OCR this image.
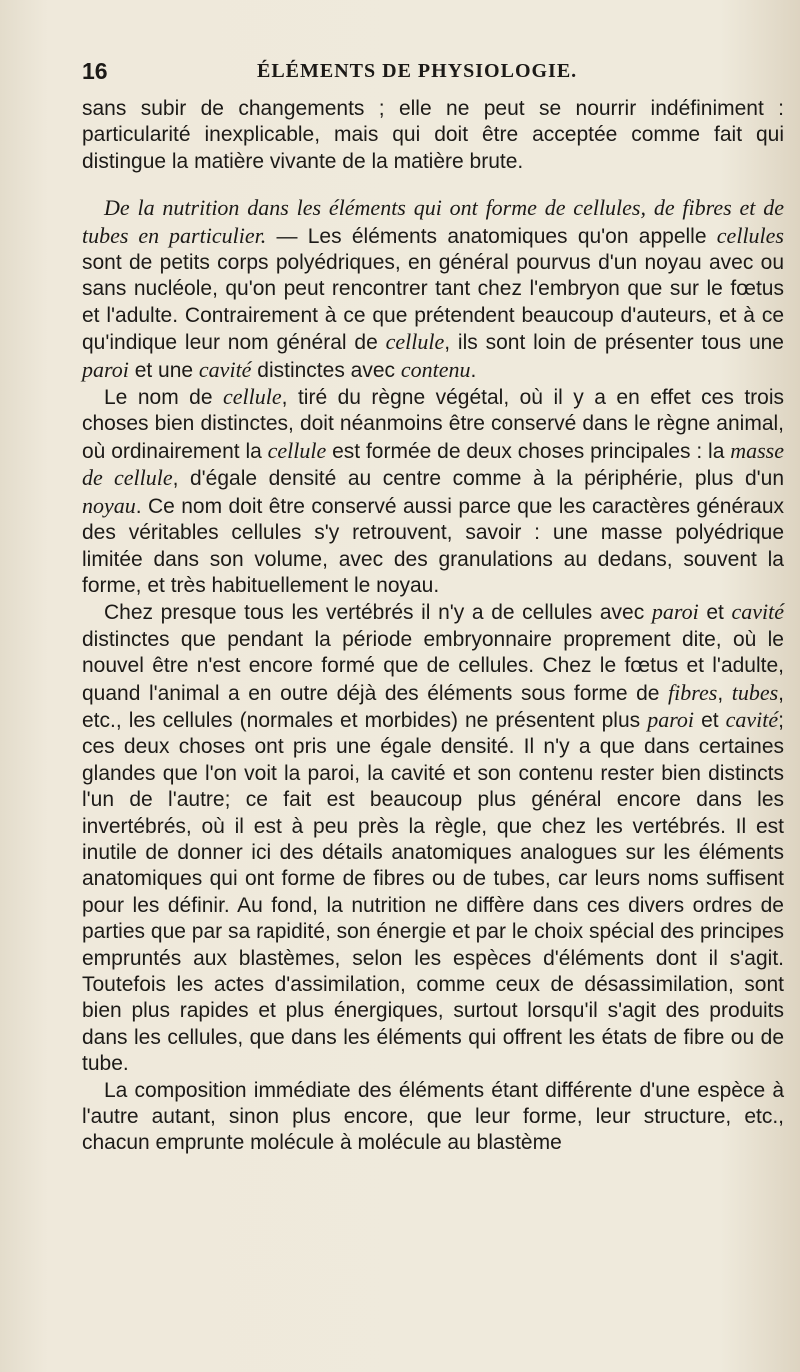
16	ÉLÉMENTS DE PHYSIOLOGIE.

sans subir de changements ; elle ne peut se nourrir indéfiniment : particularité inexplicable, mais qui doit être acceptée comme fait qui distingue la matière vivante de la matière brute.

De la nutrition dans les éléments qui ont forme de cellules, de fibres et de tubes en particulier. — Les éléments anatomiques qu'on appelle cellules sont de petits corps polyédriques, en général pourvus d'un noyau avec ou sans nucléole, qu'on peut rencontrer tant chez l'embryon que sur le fœtus et l'adulte. Contrairement à ce que prétendent beaucoup d'auteurs, et à ce qu'indique leur nom général de cellule, ils sont loin de présenter tous une paroi et une cavité distinctes avec contenu.

Le nom de cellule, tiré du règne végétal, où il y a en effet ces trois choses bien distinctes, doit néanmoins être conservé dans le règne animal, où ordinairement la cellule est formée de deux choses principales : la masse de cellule, d'égale densité au centre comme à la périphérie, plus d'un noyau. Ce nom doit être conservé aussi parce que les caractères généraux des véritables cellules s'y retrouvent, savoir : une masse polyédrique limitée dans son volume, avec des granulations au dedans, souvent la forme, et très habituellement le noyau.

Chez presque tous les vertébrés il n'y a de cellules avec paroi et cavité distinctes que pendant la période embryonnaire proprement dite, où le nouvel être n'est encore formé que de cellules. Chez le fœtus et l'adulte, quand l'animal a en outre déjà des éléments sous forme de fibres, tubes, etc., les cellules (normales et morbides) ne présentent plus paroi et cavité; ces deux choses ont pris une égale densité. Il n'y a que dans certaines glandes que l'on voit la paroi, la cavité et son contenu rester bien distincts l'un de l'autre; ce fait est beaucoup plus général encore dans les invertébrés, où il est à peu près la règle, que chez les vertébrés. Il est inutile de donner ici des détails anatomiques analogues sur les éléments anatomiques qui ont forme de fibres ou de tubes, car leurs noms suffisent pour les définir. Au fond, la nutrition ne diffère dans ces divers ordres de parties que par sa rapidité, son énergie et par le choix spécial des principes empruntés aux blastèmes, selon les espèces d'éléments dont il s'agit. Toutefois les actes d'assimilation, comme ceux de désassimilation, sont bien plus rapides et plus énergiques, surtout lorsqu'il s'agit des produits dans les cellules, que dans les éléments qui offrent les états de fibre ou de tube.

La composition immédiate des éléments étant différente d'une espèce à l'autre autant, sinon plus encore, que leur forme, leur structure, etc., chacun emprunte molécule à molécule au blastème
